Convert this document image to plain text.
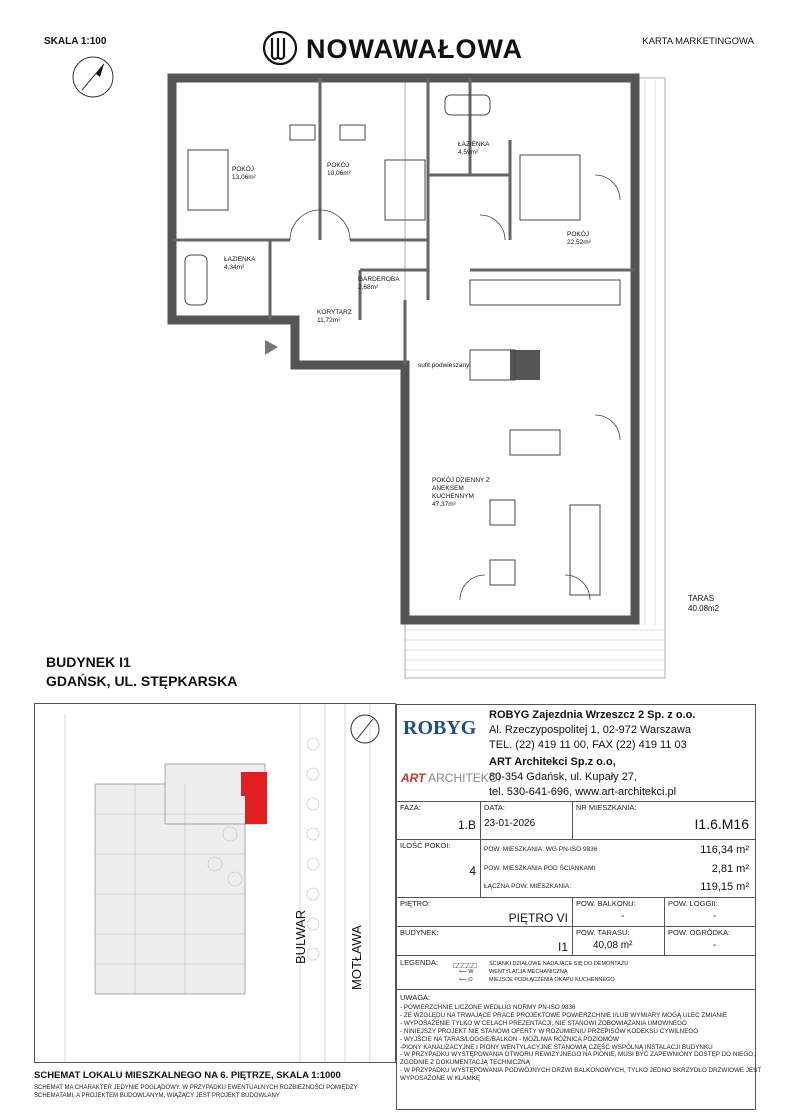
SKALA 1:100	NOWAWAŁOWA	KARTA MARKETINGOWA
POKÓJ
13,06m²
POKÓJ
10,06m²
ŁAZIENKA
4,59m²
POKÓJ
22,52m²
ŁAZIENKA
4,34m²
GARDEROBA
2,68m²
KORYTARZ
11,72m²
POKÓJ DZIENNY Z ANEKSEM KUCHENNYM
47,37m²
sufit podwieszany
TARAS
40.08m2
BUDYNEK I1
GDAŃSK, UL. STĘPKARSKA
BULWAR	MOTŁAWA
SCHEMAT LOKALU MIESZKALNEGO NA 6. PIĘTRZE, SKALA 1:1000
SCHEMAT MA CHARAKTER JEDYNIE POGLĄDOWY. W PRZYPADKU EWENTUALNYCH ROZBIEŻNOŚCI POMIĘDZY
SCHEMATAMI, A PROJEKTEM BUDOWLANYM, WIĄŻĄCY JEST PROJEKT BUDOWLANY
ROBYG
ROBYG Zajezdnia Wrzeszcz 2 Sp. z o.o.
Al. Rzeczypospolitej 1, 02-972 Warszawa
TEL. (22) 419 11 00, FAX (22) 419 11 03
ART ARCHITEKCI
ART Architekci Sp.z o.o,
80-354 Gdańsk, ul. Kupały 27,
tel. 530-641-696, www.art-architekci.pl
FAZA:
1.B
DATA:
23-01-2026
NR MIESZKANIA:
I1.6.M16
ILOŚĆ POKOI:
4
POW. MIESZKANIA: WG PN-ISO 9836	116,34 m²
POW. MIESZKANIA POD ŚCIANKAMI	2,81 m²
ŁĄCZNA POW. MIESZKANIA:	119,15 m²
PIĘTRO:
PIĘTRO VI
POW. BALKONU:
-
POW. LOGGII:
-
BUDYNEK:
I1
POW. TARASU:
40,08 m²
POW. OGRÓDKA:
-
LEGENDA:	ŚCIANKI DZIAŁOWE NADAJĄCE SIĘ DO DEMONTAŻU
⟵ W	WENTYLACJA MECHANICZNA
⟵ O	MIEJSCE PODŁĄCZENIA OKAPU KUCHENNEGO
UWAGA:
- POWIERZCHNIE LICZONE WEDŁUG NORMY PN-ISO 9836
- ZE WZGLĘDU NA TRWAJĄCE PRACE PROJEKTOWE POWIERZCHNIE I/LUB WYMIARY MOGĄ ULEC ZMIANIE
- WYPOSAŻENIE TYLKO W CELACH PREZENTACJI, NIE STANOWI ZOBOWIĄZANIA UMOWNEGO
- NINIEJSZY PROJEKT NIE STANOWI OFERTY W ROZUMIENIU PRZEPISÓW KODEKSU CYWILNEGO
- WYJŚCIE NA TARAS/LOGGIE/BALKON - MOŻLIWA RÓŻNICA POZIOMÓW
-PIONY KANALIZACYJNE I PIONY WENTYLACYJNE STANOWIĄ CZĘŚĆ WSPÓLNĄ INSTALACJI BUDYNKU
- W PRZYPADKU WYSTĘPOWANIA OTWORU REWIZYJNEGO NA PIONIE, MUSI BYĆ ZAPEWNIONY DOSTĘP DO NIEGO,
ZGODNIE Z DOKUMENTACJĄ TECHNICZNĄ
- W PRZYPADKU WYSTĘPOWANIA PODWÓJNYCH DRZWI BALKONOWYCH, TYLKO JEDNO SKRZYDŁO DRZWIOWE JEST
WYPOSAŻONE W KLAMKĘ
